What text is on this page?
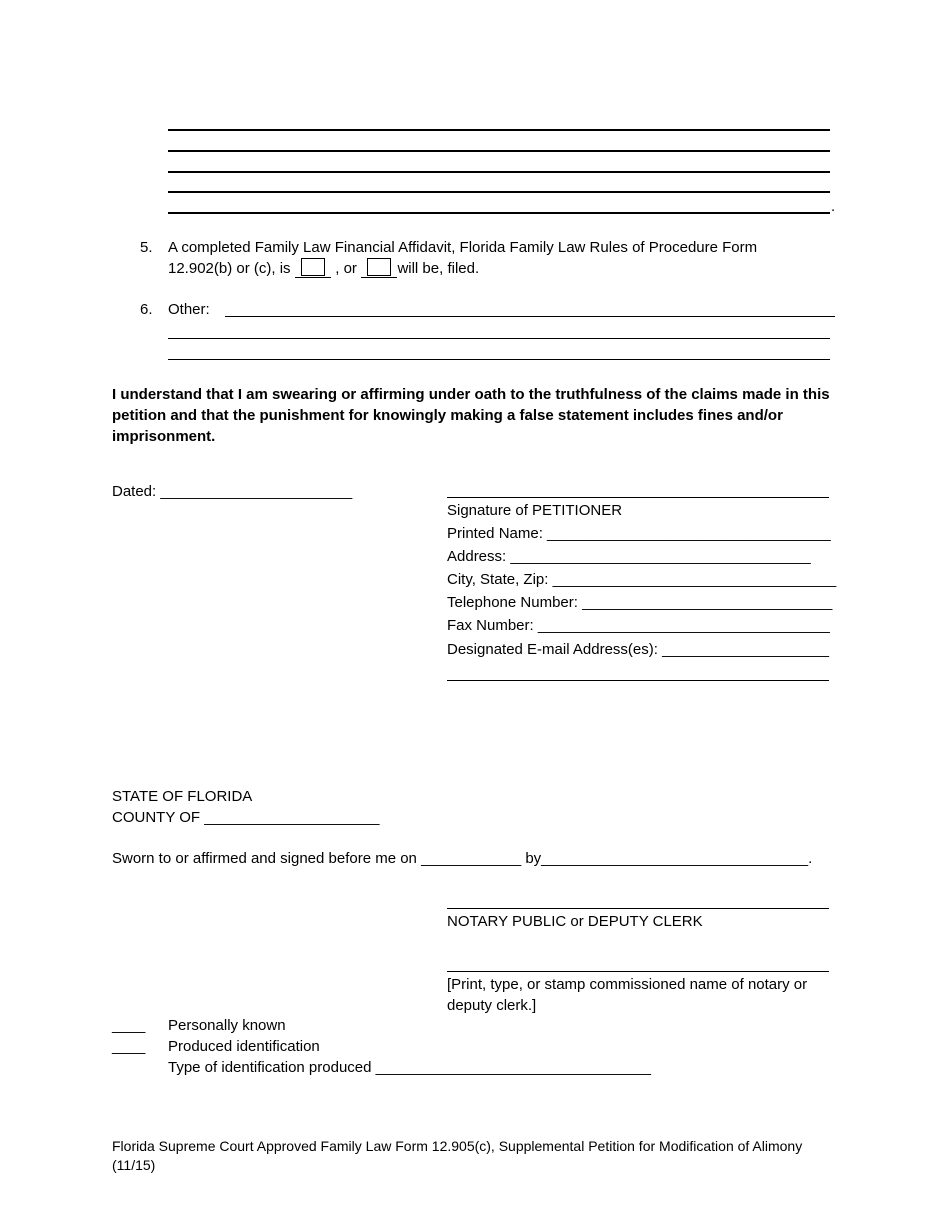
.
5. A completed Family Law Financial Affidavit, Florida Family Law Rules of Procedure Form
12.902(b) or (c), is	, or	will be, filed.
6. Other:
I understand that I am swearing or affirming under oath to the truthfulness of the claims made in this petition and that the punishment for knowingly making a false statement includes fines and/or imprisonment.
Dated: _______________________
Signature of PETITIONER
Printed Name: __________________________________
Address: ____________________________________
City, State, Zip: __________________________________
Telephone Number: ______________________________
Fax Number: ___________________________________
Designated E-mail Address(es): ____________________
STATE OF FLORIDA
COUNTY OF _____________________
Sworn to or affirmed and signed before me on ____________ by________________________________.
NOTARY PUBLIC or DEPUTY CLERK
[Print, type, or stamp commissioned name of notary or
deputy clerk.]
____ Personally known
____ Produced identification
Type of identification produced _________________________________
Florida Supreme Court Approved Family Law Form 12.905(c), Supplemental Petition for Modification of Alimony
(11/15)
